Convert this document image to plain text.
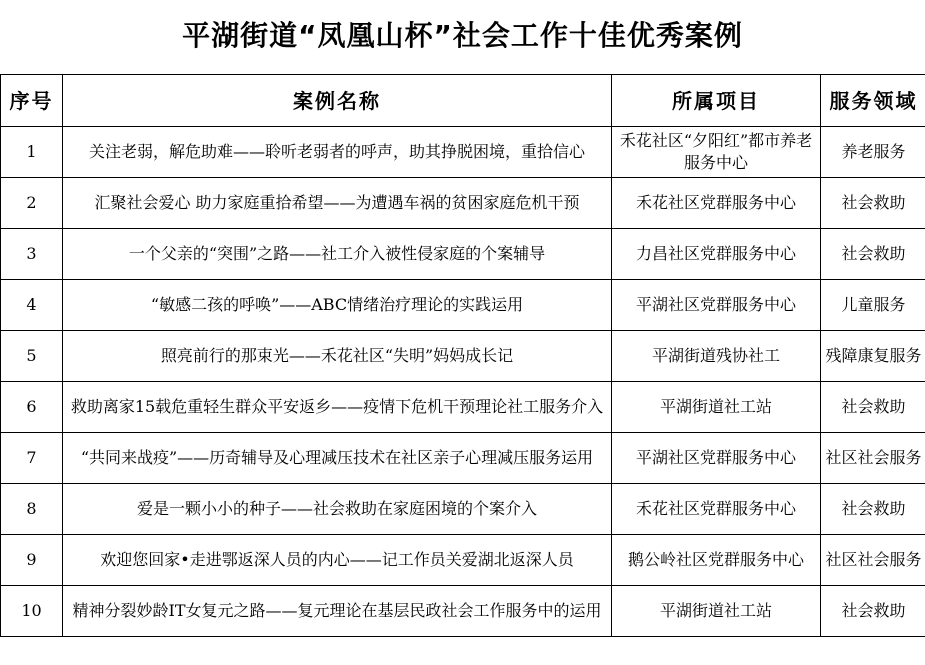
平湖街道“凤凰山杯”社会工作十佳优秀案例
序号	案例名称	所属项目	服务领域
1	关注老弱，解危助难——聆听老弱者的呼声，助其挣脱困境，重拾信心	禾花社区“夕阳红”都市养老服务中心	养老服务
2	汇聚社会爱心 助力家庭重拾希望——为遭遇车祸的贫困家庭危机干预	禾花社区党群服务中心	社会救助
3	一个父亲的“突围”之路——社工介入被性侵家庭的个案辅导	力昌社区党群服务中心	社会救助
4	“敏感二孩的呼唤”——ABC情绪治疗理论的实践运用	平湖社区党群服务中心	儿童服务
5	照亮前行的那束光——禾花社区“失明”妈妈成长记	平湖街道残协社工	残障康复服务
6	救助离家15载危重轻生群众平安返乡——疫情下危机干预理论社工服务介入	平湖街道社工站	社会救助
7	“共同来战疫”——历奇辅导及心理减压技术在社区亲子心理减压服务运用	平湖社区党群服务中心	社区社会服务
8	爱是一颗小小的种子——社会救助在家庭困境的个案介入	禾花社区党群服务中心	社会救助
9	欢迎您回家•走进鄂返深人员的内心——记工作员关爱湖北返深人员	鹅公岭社区党群服务中心	社区社会服务
10	精神分裂妙龄IT女复元之路——复元理论在基层民政社会工作服务中的运用	平湖街道社工站	社会救助
